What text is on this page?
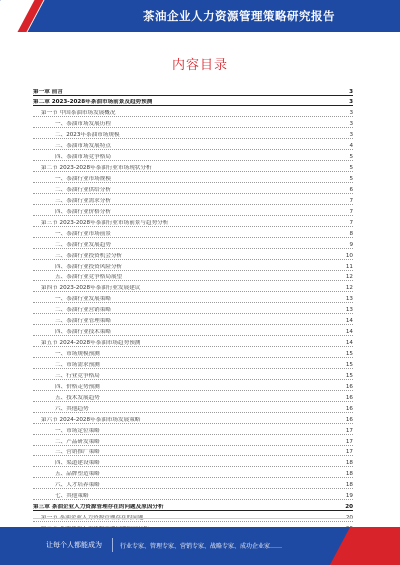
茶油企业人力资源管理策略研究报告
内容目录
第一章 前言	3
第二章 2023-2028年茶油市场前景及趋势预测	3
第一节 中国茶油市场发展概况	3
一、茶油市场发展历程	3
二、2023年茶油市场规模	3
三、茶油市场发展特点	4
四、茶油市场竞争格局	5
第二节 2023-2028年茶油行业市场现状分析	5
一、茶油行业市场规模	5
二、茶油行业供给分析	6
三、茶油行业需求分析	7
四、茶油行业价格分析	7
第三节 2023-2028年茶油行业市场前景与趋势分析	7
一、茶油行业市场前景	8
二、茶油行业发展趋势	9
三、茶油行业投资机会分析	10
四、茶油行业投资风险分析	11
五、茶油行业竞争格局展望	12
第四节 2023-2028年茶油行业发展建议	12
一、茶油行业发展策略	13
二、茶油行业营销策略	13
三、茶油行业管理策略	14
四、茶油行业技术策略	14
第五节 2024-2028年茶油市场趋势预测	14
一、市场规模预测	15
二、市场需求预测	15
三、行业竞争格局	15
四、价格走势预测	16
五、技术发展趋势	16
六、其他趋势	16
第六节 2024-2028年茶油市场发展策略	16
一、市场定位策略	17
二、产品研发策略	17
三、营销推广策略	17
四、渠道建设策略	18
五、品牌塑造策略	18
六、人才培养策略	18
七、其他策略	19
第三章 茶油企业人力资源管理存在的问题及原因分析	20
第一节 茶油企业人力资源管理存在的问题	20
让每个人都能成为	行业专家、管理专家、营销专家、战略专家、成功企业家……
